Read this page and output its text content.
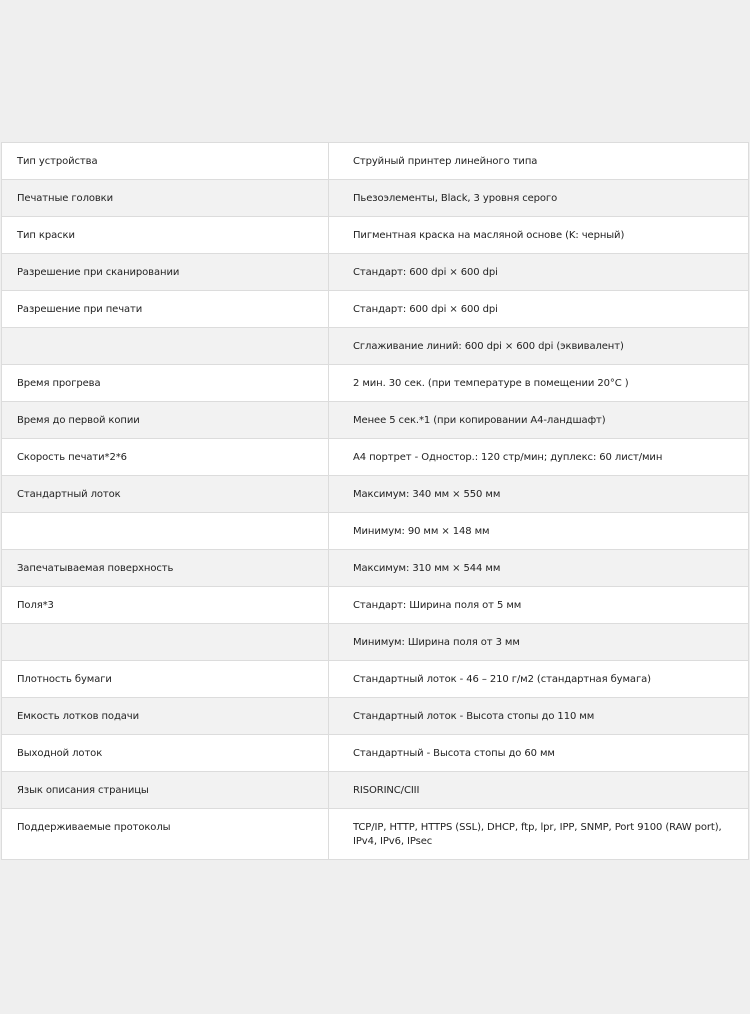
Тип устройства	Струйный принтер линейного типа
Печатные головки	Пьезоэлементы, Black, 3 уровня серого
Тип краски	Пигментная краска на масляной основе (K: черный)
Разрешение при сканировании	Стандарт: 600 dpi × 600 dpi
Разрешение при печати	Стандарт: 600 dpi × 600 dpi
	Сглаживание линий: 600 dpi × 600 dpi (эквивалент)
Время прогрева	2 мин. 30 сек. (при температуре в помещении 20°C )
Время до первой копии	Менее 5 сек.*1 (при копировании A4-ландшафт)
Скорость печати*2*6	A4 портрет - Одностор.: 120 стр/мин; дуплекс: 60 лист/мин
Стандартный лоток	Максимум: 340 мм × 550 мм
	Минимум: 90 мм × 148 мм
Запечатываемая поверхность	Максимум: 310 мм × 544 мм
Поля*3	Стандарт: Ширина поля от 5 мм
	Минимум: Ширина поля от 3 мм
Плотность бумаги	Стандартный лоток - 46 – 210 г/м2 (стандартная бумага)
Емкость лотков подачи	Стандартный лоток - Высота стопы до 110 мм
Выходной лоток	Стандартный - Высота стопы до 60 мм
Язык описания страницы	RISORINC/CIII
Поддерживаемые протоколы	TCP/IP, HTTP, HTTPS (SSL), DHCP, ftp, lpr, IPP, SNMP, Port 9100 (RAW port), IPv4, IPv6, IPsec
